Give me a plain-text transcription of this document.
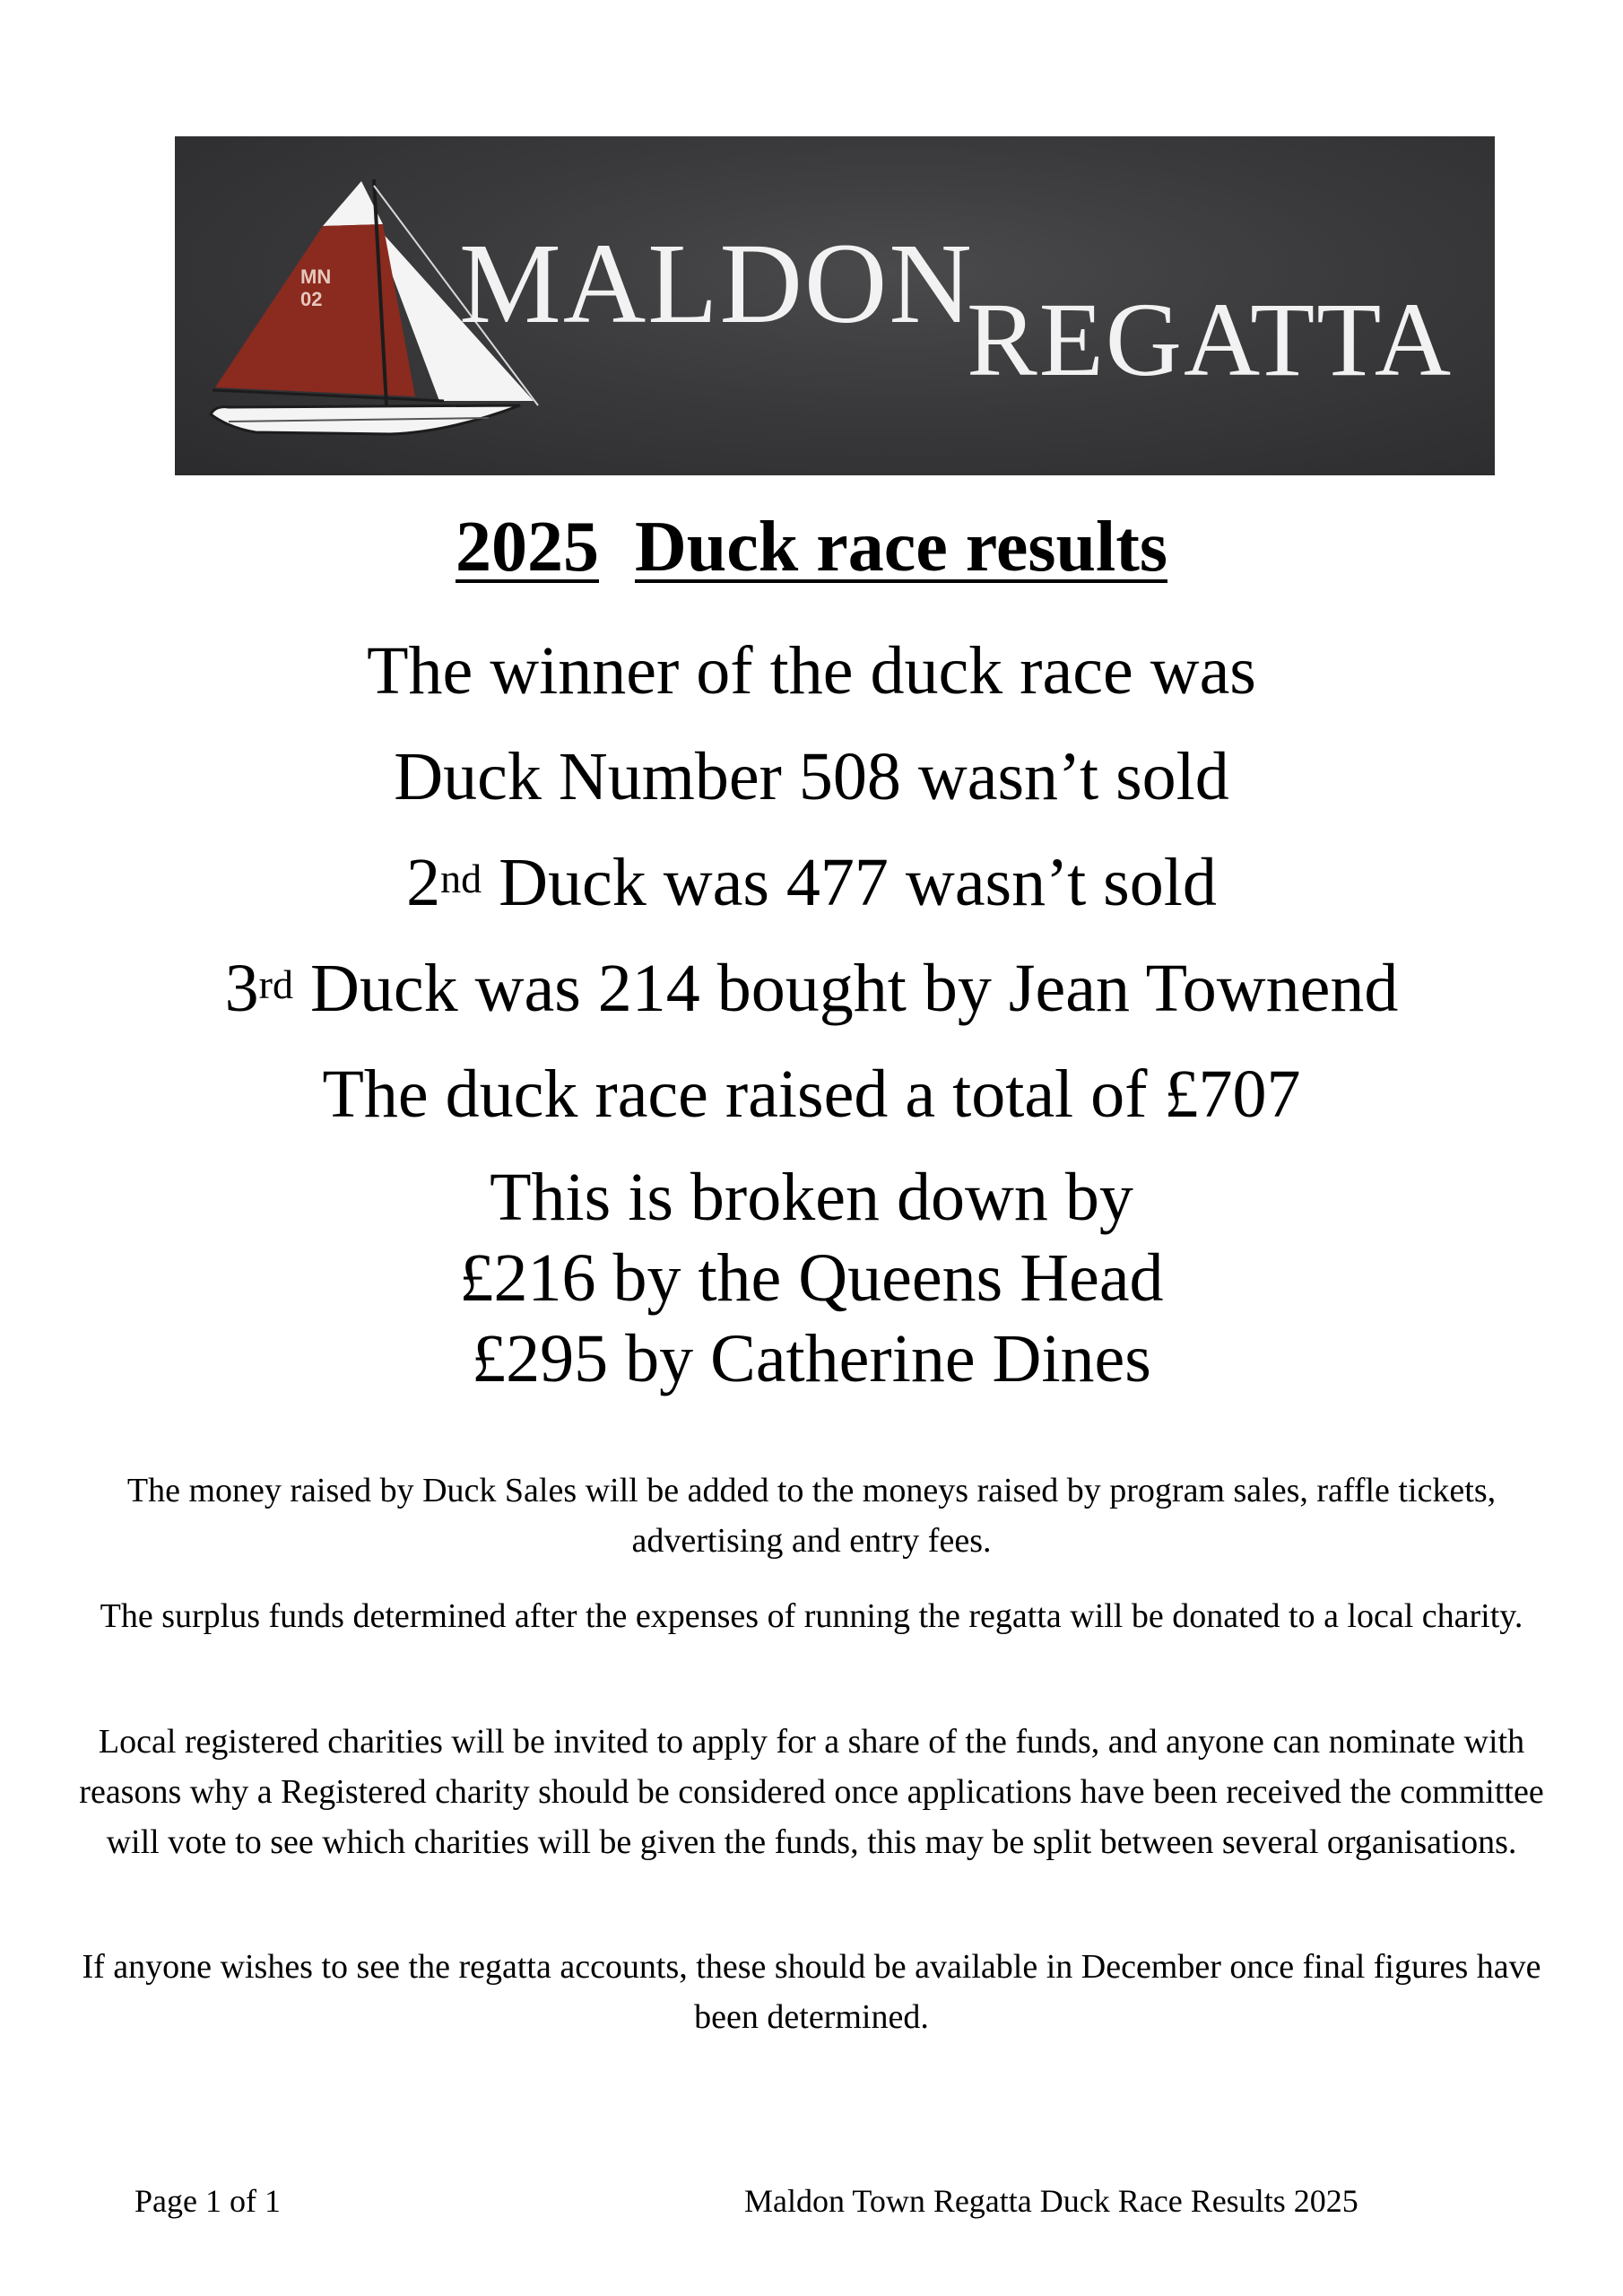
MN
02 MALDON
REGATTA
2025 Duck race results
The winner of the duck race was
Duck Number 508 wasn’t sold
2nd Duck was 477 wasn’t sold
3rd Duck was 214 bought by Jean Townend
The duck race raised a total of £707
This is broken down by
£216 by the Queens Head
£295 by Catherine Dines
The money raised by Duck Sales will be added to the moneys raised by program sales, raffle tickets, advertising and entry fees.
The surplus funds determined after the expenses of running the regatta will be donated to a local charity.
Local registered charities will be invited to apply for a share of the funds, and anyone can nominate with reasons why a Registered charity should be considered once applications have been received the committee will vote to see which charities will be given the funds, this may be split between several organisations.
If anyone wishes to see the regatta accounts, these should be available in December once final figures have been determined.
Page 1 of 1	Maldon Town Regatta Duck Race Results 2025
